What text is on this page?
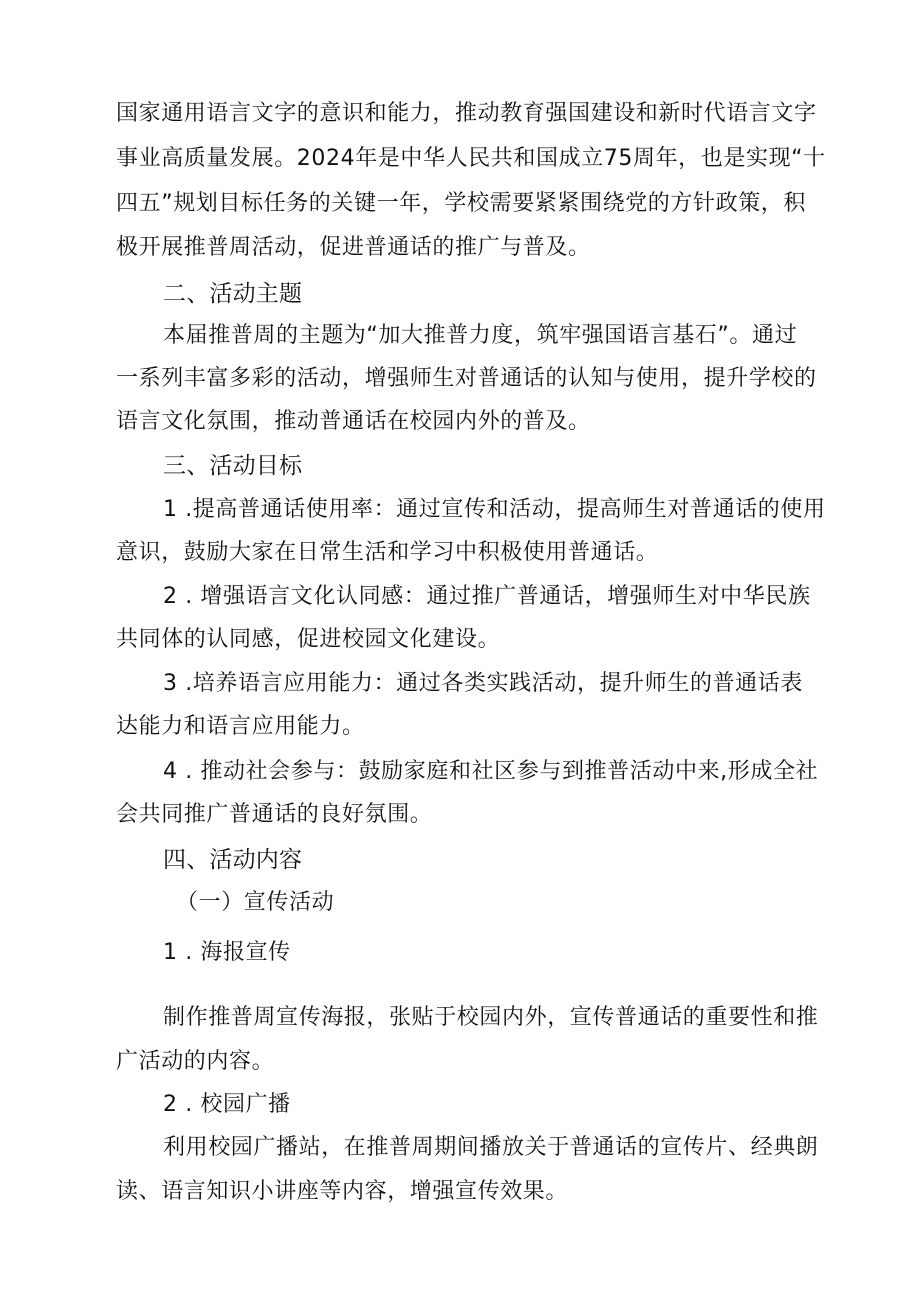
国家通用语言文字的意识和能力，推动教育强国建设和新时代语言文字
事业高质量发展。2024年是中华人民共和国成立75周年，也是实现“十
四五”规划目标任务的关键一年，学校需要紧紧围绕党的方针政策，积
极开展推普周活动，促进普通话的推广与普及。
二、活动主题
本届推普周的主题为“加大推普力度，筑牢强国语言基石”。通过
一系列丰富多彩的活动，增强师生对普通话的认知与使用，提升学校的
语言文化氛围，推动普通话在校园内外的普及。
三、活动目标
1 .提高普通话使用率：通过宣传和活动，提高师生对普通话的使用
意识，鼓励大家在日常生活和学习中积极使用普通话。
2 . 增强语言文化认同感：通过推广普通话，增强师生对中华民族
共同体的认同感，促进校园文化建设。
3 .培养语言应用能力：通过各类实践活动，提升师生的普通话表
达能力和语言应用能力。
4 . 推动社会参与：鼓励家庭和社区参与到推普活动中来,形成全社
会共同推广普通话的良好氛围。
四、活动内容
（一）宣传活动
1 . 海报宣传
制作推普周宣传海报，张贴于校园内外，宣传普通话的重要性和推
广活动的内容。
2 . 校园广播
利用校园广播站，在推普周期间播放关于普通话的宣传片、经典朗
读、语言知识小讲座等内容，增强宣传效果。
